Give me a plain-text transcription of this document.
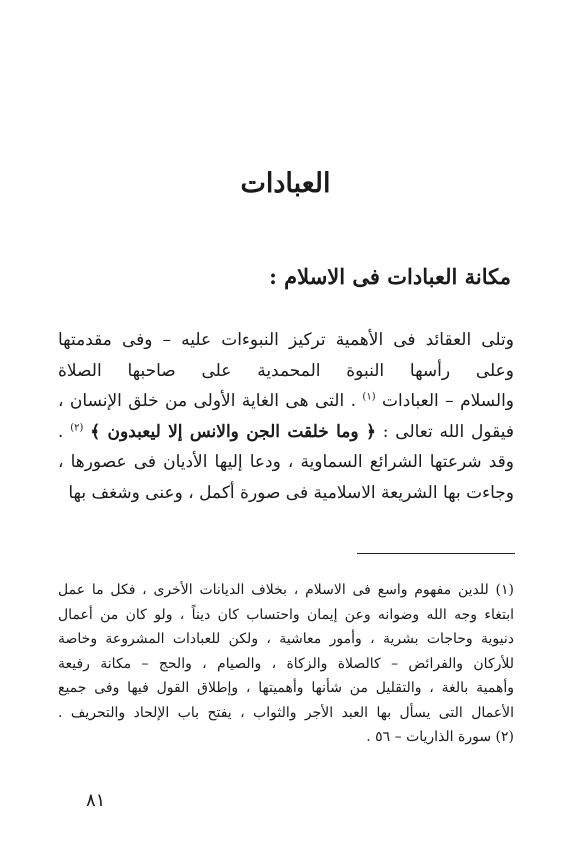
العبادات
مكانة العبادات فى الاسلام :
وتلى العقائد فى الأهمية تركيز النبوءات عليه – وفى مقدمتها
وعلى رأسها النبوة المحمدية على صاحبها الصلاة
والسلام – العبادات $^{(١)}$ . التى هى الغاية الأولى من خلق الإنسان ،
فيقول الله تعالى : ﴿ وما خلقت الجن والانس إلا ليعبدون ﴾ $^{(٢)}$ .
وقد شرعتها الشرائع السماوية ، ودعا إليها الأديان فى عصورها ،
وجاءت بها الشريعة الاسلامية فى صورة أكمل ، وعنى وشغف بها
(١) للدين مفهوم واسع فى الاسلام ، بخلاف الديانات الأخرى ، فكل ما عمل
ابتغاء وجه الله وضوانه وعن إيمان واحتساب كان ديناً ، ولو كان من أعمال
دنيوية وحاجات بشرية ، وأمور معاشية ، ولكن للعبادات المشروعة وخاصة
للأركان والفرائض – كالصلاة والزكاة ، والصيام ، والحج – مكانة رفيعة
وأهمية بالغة ، والتقليل من شأنها وأهميتها ، وإطلاق القول فيها وفى جميع
الأعمال التى يسأل بها العبد الأجر والثواب ، يفتح باب الإلحاد والتحريف .
(٢) سورة الذاريات – ٥٦ .
٨١
